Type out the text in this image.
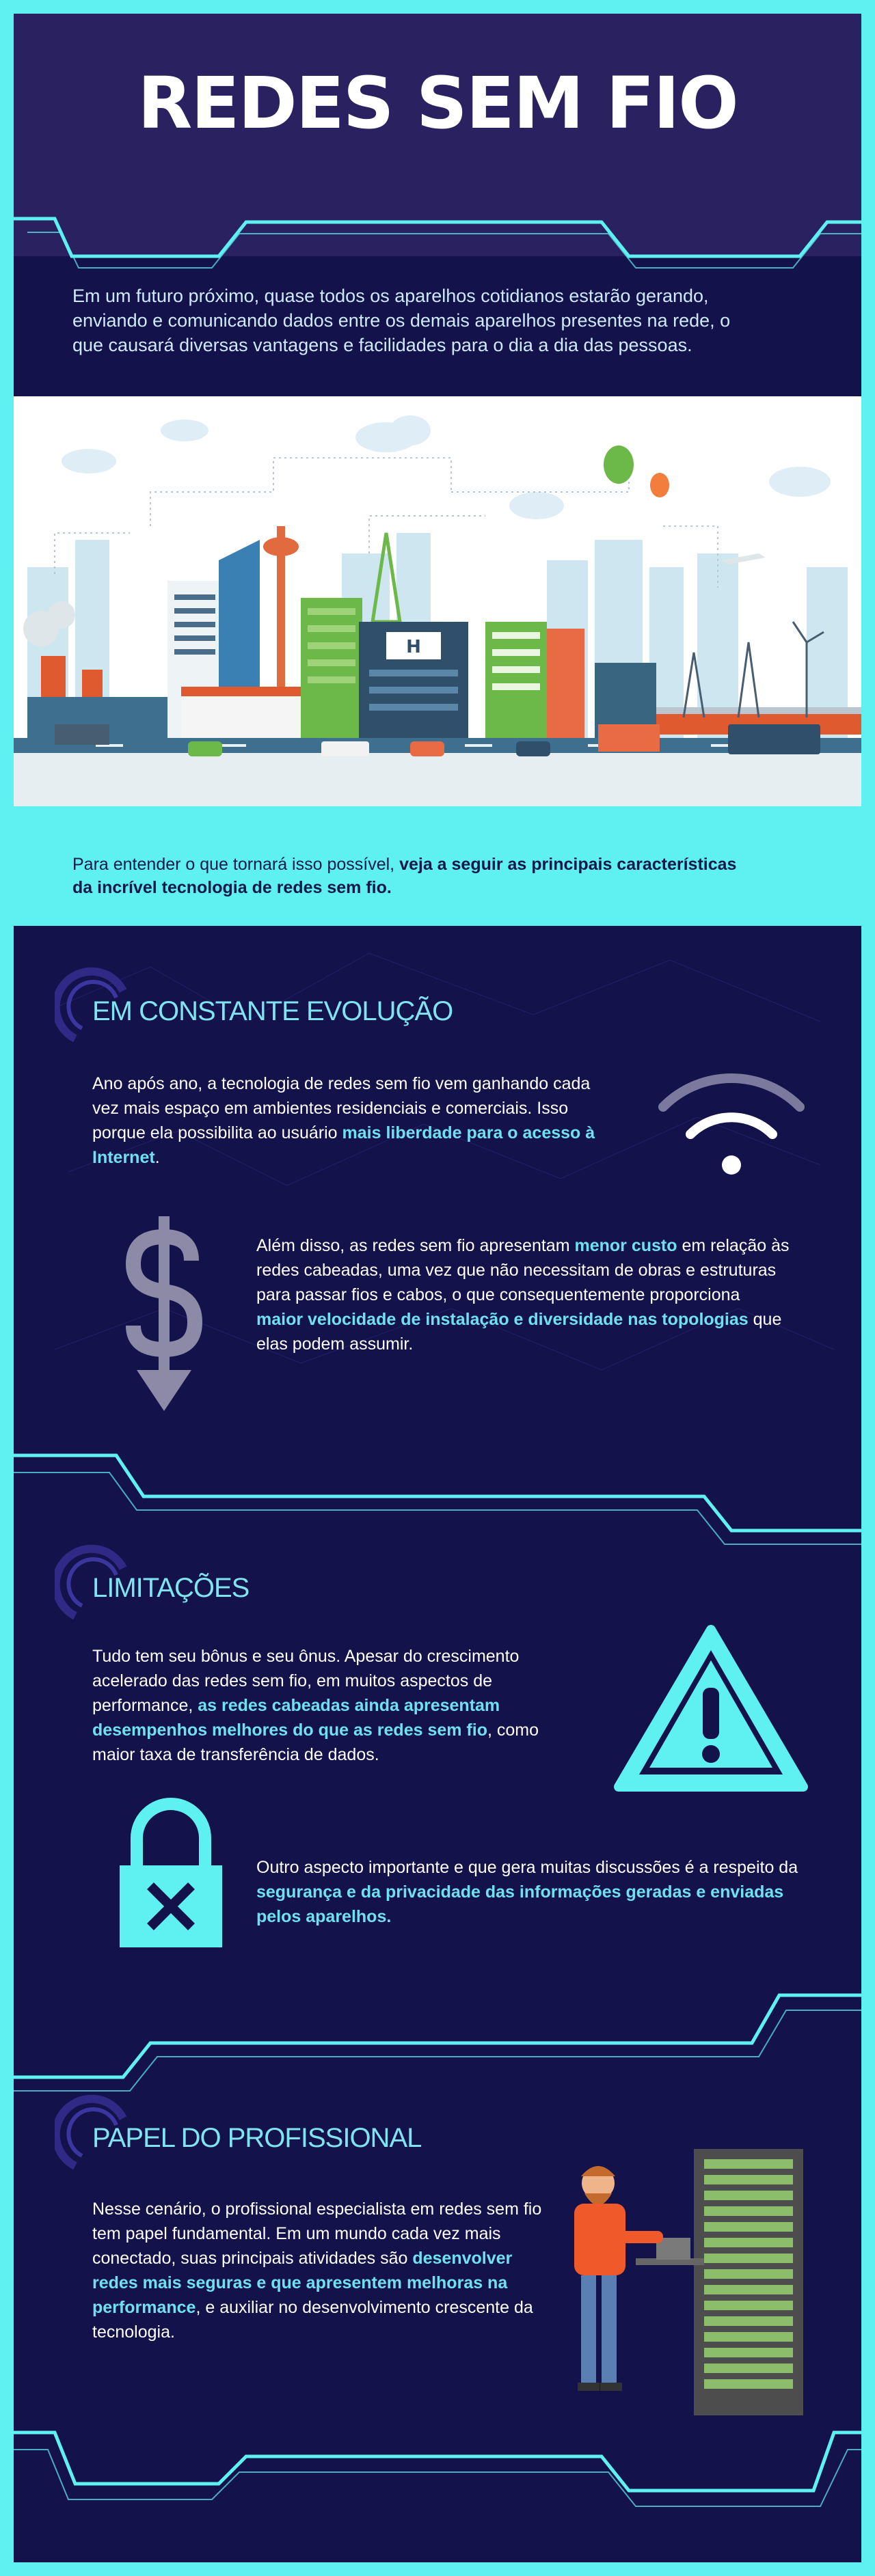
REDES SEM FIO
Em um futuro próximo, quase todos os aparelhos cotidianos estarão gerando, enviando e comunicando dados entre os demais aparelhos presentes na rede, o que causará diversas vantagens e facilidades para o dia a dia das pessoas.
H
Para entender o que tornará isso possível, veja a seguir as principais características da incrível tecnologia de redes sem fio.
EM CONSTANTE EVOLUÇÃO
Ano após ano, a tecnologia de redes sem fio vem ganhando cada vez mais espaço em ambientes residenciais e comerciais. Isso porque ela possibilita ao usuário mais liberdade para o acesso à Internet.
Além disso, as redes sem fio apresentam menor custo em relação às redes cabeadas, uma vez que não necessitam de obras e estruturas para passar fios e cabos, o que consequentemente proporciona maior velocidade de instalação e diversidade nas topologias que elas podem assumir.
LIMITAÇÕES
Tudo tem seu bônus e seu ônus. Apesar do crescimento acelerado das redes sem fio, em muitos aspectos de performance, as redes cabeadas ainda apresentam desempenhos melhores do que as redes sem fio, como maior taxa de transferência de dados.
Outro aspecto importante e que gera muitas discussões é a respeito da segurança e da privacidade das informações geradas e enviadas pelos aparelhos.
PAPEL DO PROFISSIONAL
Nesse cenário, o profissional especialista em redes sem fio tem papel fundamental. Em um mundo cada vez mais conectado, suas principais atividades são desenvolver redes mais seguras e que apresentem melhoras na performance, e auxiliar no desenvolvimento crescente da tecnologia.
